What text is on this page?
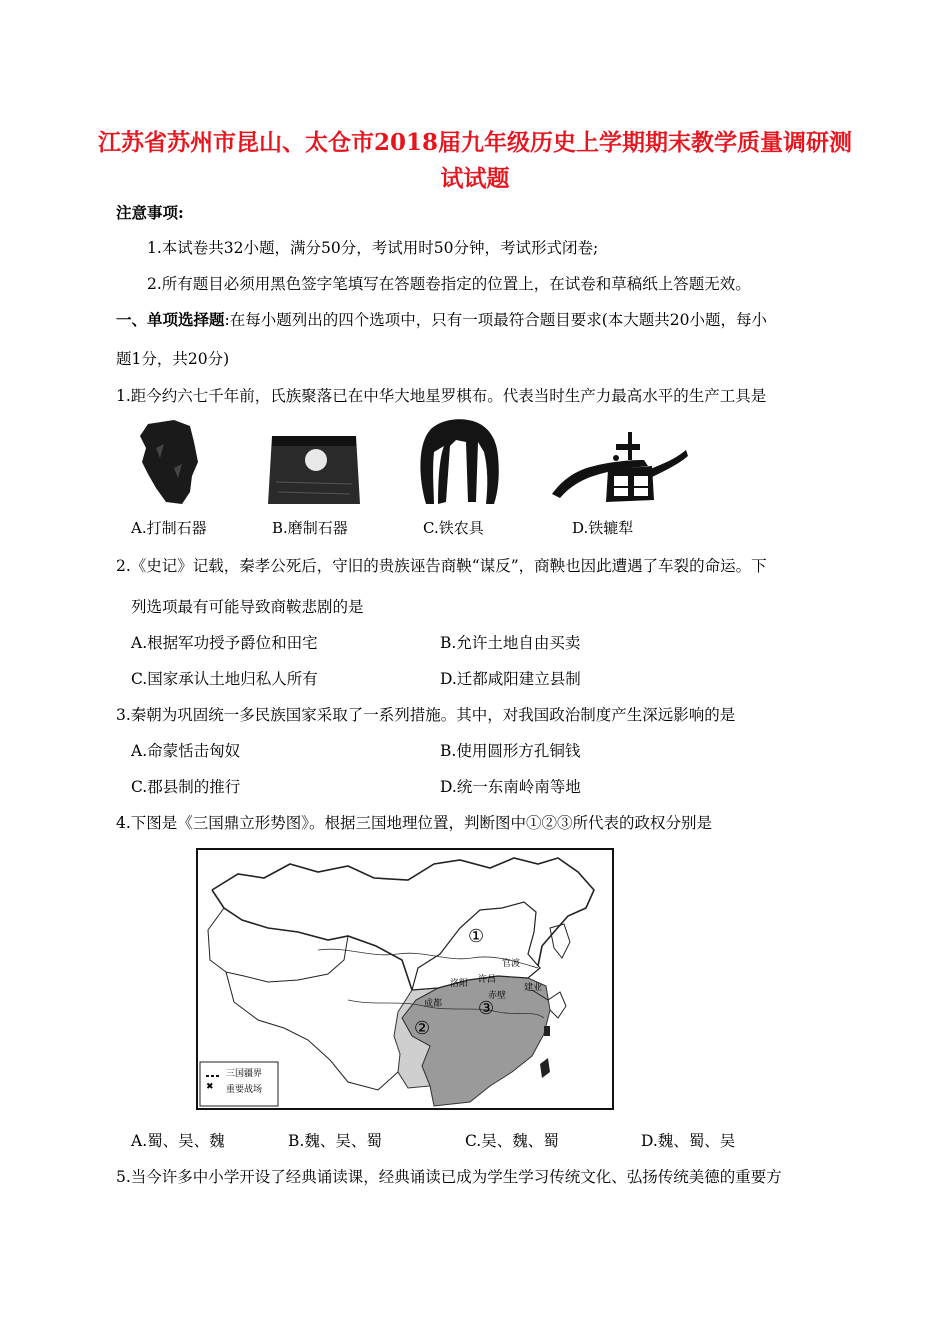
江苏省苏州市昆山、太仓市2018届九年级历史上学期期末教学质量调研测
试试题
注意事项:
1.本试卷共32小题，满分50分，考试用时50分钟，考试形式闭卷;
2.所有题目必须用黑色签字笔填写在答题卷指定的位置上，在试卷和草稿纸上答题无效。
一、单项选择题:在每小题列出的四个选项中，只有一项最符合题目要求(本大题共20小题，每小
题1分，共20分)
1.距今约六七千年前，氏族聚落已在中华大地星罗棋布。代表当时生产力最高水平的生产工具是
A.打制石器	B.磨制石器	C.铁农具	D.铁辘犁
2.《史记》记载，秦孝公死后，守旧的贵族诬告商鞅“谋反”，商鞅也因此遭遇了车裂的命运。下
列选项最有可能导致商鞍悲剧的是
A.根据军功授予爵位和田宅	B.允许土地自由买卖
C.国家承认土地归私人所有	D.迁都咸阳建立县制
3.秦朝为巩固统一多民族国家采取了一系列措施。其中，对我国政治制度产生深远影响的是
A.命蒙恬击匈奴	B.使用圆形方孔铜钱
C.郡县制的推行	D.统一东南岭南等地
4.下图是《三国鼎立形势图》。根据三国地理位置，判断图中①②③所代表的政权分别是
①
②
③
洛阳 许昌
成都
官渡
建业
赤壁
三国疆界
✖ 重要战场
A.蜀、吴、魏	B.魏、吴、蜀	C.吴、魏、蜀	D.魏、蜀、吴
5.当今许多中小学开设了经典诵读课，经典诵读已成为学生学习传统文化、弘扬传统美德的重要方
